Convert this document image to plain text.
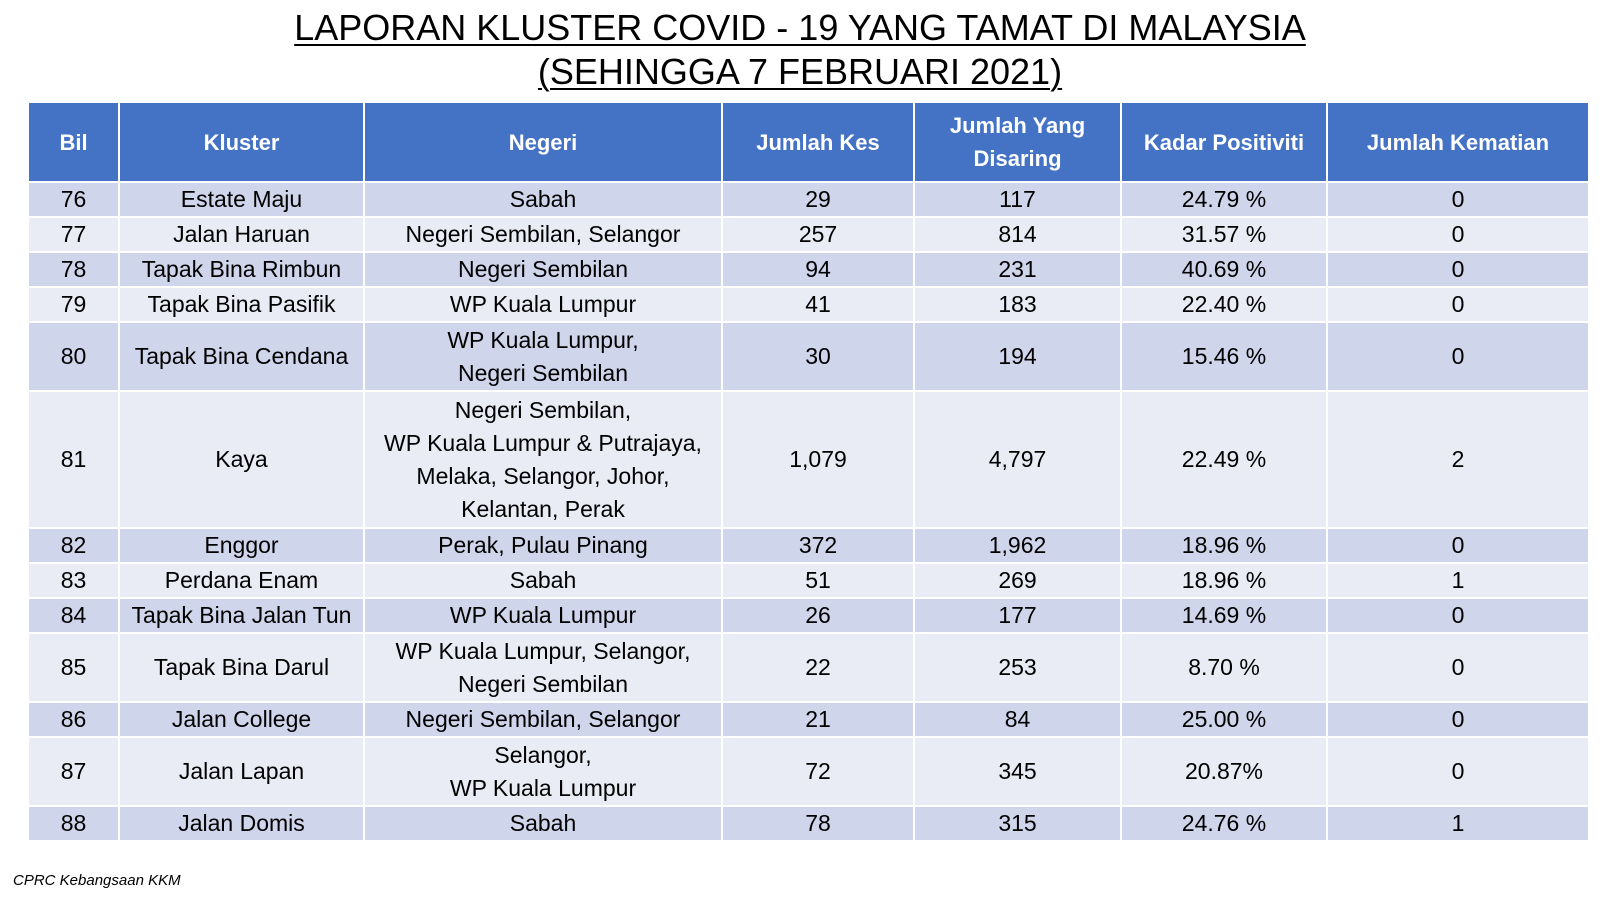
LAPORAN KLUSTER COVID - 19 YANG TAMAT DI MALAYSIA
(SEHINGGA 7 FEBRUARI 2021)
Bil	Kluster	Negeri	Jumlah Kes	Jumlah Yang Disaring	Kadar Positiviti	Jumlah Kematian
76	Estate Maju	Sabah	29	117	24.79 %	0
77	Jalan Haruan	Negeri Sembilan, Selangor	257	814	31.57 %	0
78	Tapak Bina Rimbun	Negeri Sembilan	94	231	40.69 %	0
79	Tapak Bina Pasifik	WP Kuala Lumpur	41	183	22.40 %	0
80	Tapak Bina Cendana	WP Kuala Lumpur,
Negeri Sembilan	30	194	15.46 %	0
81	Kaya	Negeri Sembilan,
WP Kuala Lumpur & Putrajaya,
Melaka, Selangor, Johor,
Kelantan, Perak	1,079	4,797	22.49 %	2
82	Enggor	Perak, Pulau Pinang	372	1,962	18.96 %	0
83	Perdana Enam	Sabah	51	269	18.96 %	1
84	Tapak Bina Jalan Tun	WP Kuala Lumpur	26	177	14.69 %	0
85	Tapak Bina Darul	WP Kuala Lumpur, Selangor,
Negeri Sembilan	22	253	8.70 %	0
86	Jalan College	Negeri Sembilan, Selangor	21	84	25.00 %	0
87	Jalan Lapan	Selangor,
WP Kuala Lumpur	72	345	20.87%	0
88	Jalan Domis	Sabah	78	315	24.76 %	1
CPRC Kebangsaan KKM
